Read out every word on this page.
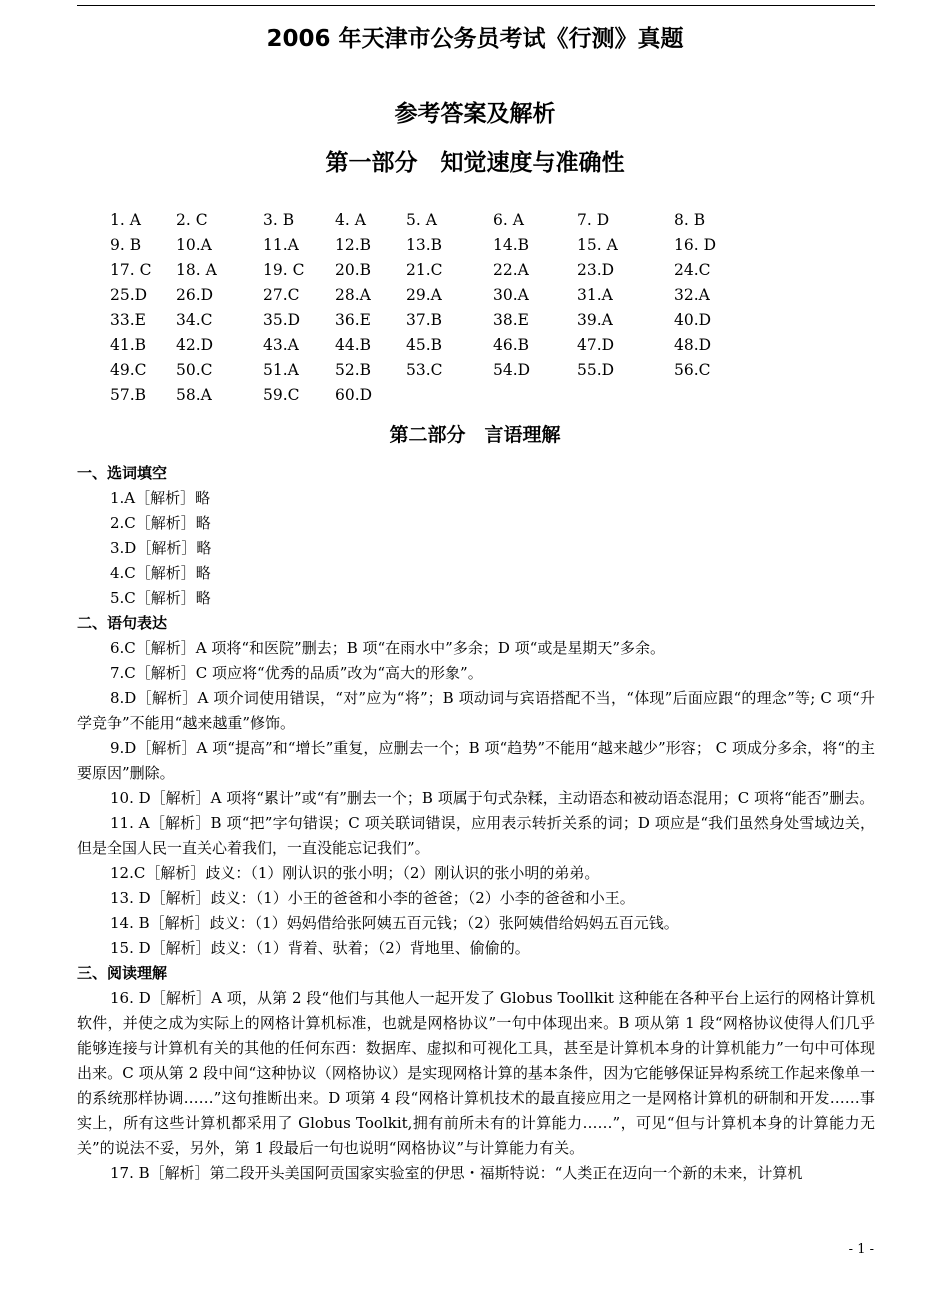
2006 年天津市公务员考试《行测》真题
参考答案及解析
第一部分　知觉速度与准确性
1. A 2. C	3. B	4. A	5. A	6. A	7. D	8. B
9. B 10.A	11.A 12.B 13.B	14.B	15. A	16. D
17. C 18. A	19. C 20.B 21.C	22.A	23.D	24.C
25.D 26.D	27.C 28.A 29.A	30.A	31.A	32.A
33.E 34.C	35.D 36.E 37.B	38.E	39.A	40.D
41.B 42.D	43.A 44.B 45.B	46.B	47.D	48.D
49.C 50.C	51.A 52.B 53.C	54.D	55.D	56.C
57.B 58.A	59.C 60.D
第二部分　言语理解
一、选词填空
1.A［解析］略
2.C［解析］略
3.D［解析］略
4.C［解析］略
5.C［解析］略
二、语句表达
6.C［解析］A 项将“和医院”删去；B 项“在雨水中”多余；D 项“或是星期天”多余。
7.C［解析］C 项应将“优秀的品质”改为“高大的形象”。
8.D［解析］A 项介词使用错误，“对”应为“将”；B 项动词与宾语搭配不当，“体现”后面应跟“的理念”等; C 项“升学竞争”不能用“越来越重”修饰。
9.D［解析］A 项“提高”和“增长”重复，应删去一个；B 项“趋势”不能用“越来越少”形容； C 项成分多余，将“的主要原因”删除。
10. D［解析］A 项将“累计”或“有”删去一个；B 项属于句式杂糅，主动语态和被动语态混用；C 项将“能否”删去。
11. A［解析］B 项“把”字句错误；C 项关联词错误，应用表示转折关系的词；D 项应是“我们虽然身处雪域边关，但是全国人民一直关心着我们，一直没能忘记我们”。
12.C［解析］歧义：（1）刚认识的张小明；（2）刚认识的张小明的弟弟。
13. D［解析］歧义：（1）小王的爸爸和小李的爸爸；（2）小李的爸爸和小王。
14. B［解析］歧义：（1）妈妈借给张阿姨五百元钱；（2）张阿姨借给妈妈五百元钱。
15. D［解析］歧义：（1）背着、驮着；（2）背地里、偷偷的。
三、阅读理解
16. D［解析］A 项，从第 2 段“他们与其他人一起开发了 Globus Toollkit 这种能在各种平台上运行的网格计算机软件，并使之成为实际上的网格计算机标准，也就是网格协议”一句中体现出来。B 项从第 1 段“网格协议使得人们几乎能够连接与计算机有关的其他的任何东西：数据库、虚拟和可视化工具，甚至是计算机本身的计算机能力”一句中可体现出来。C 项从第 2 段中间“这种协议（网格协议）是实现网格计算的基本条件，因为它能够保证异构系统工作起来像单一的系统那样协调……”这句推断出来。D 项第 4 段“网格计算机技术的最直接应用之一是网格计算机的研制和开发……事实上，所有这些计算机都采用了 Globus Toolkit,拥有前所未有的计算能力……”，可见“但与计算机本身的计算能力无关”的说法不妥，另外，第 1 段最后一句也说明“网格协议”与计算能力有关。
17. B［解析］第二段开头美国阿贡国家实验室的伊思・福斯特说：“人类正在迈向一个新的未来，计算机
- 1 -
